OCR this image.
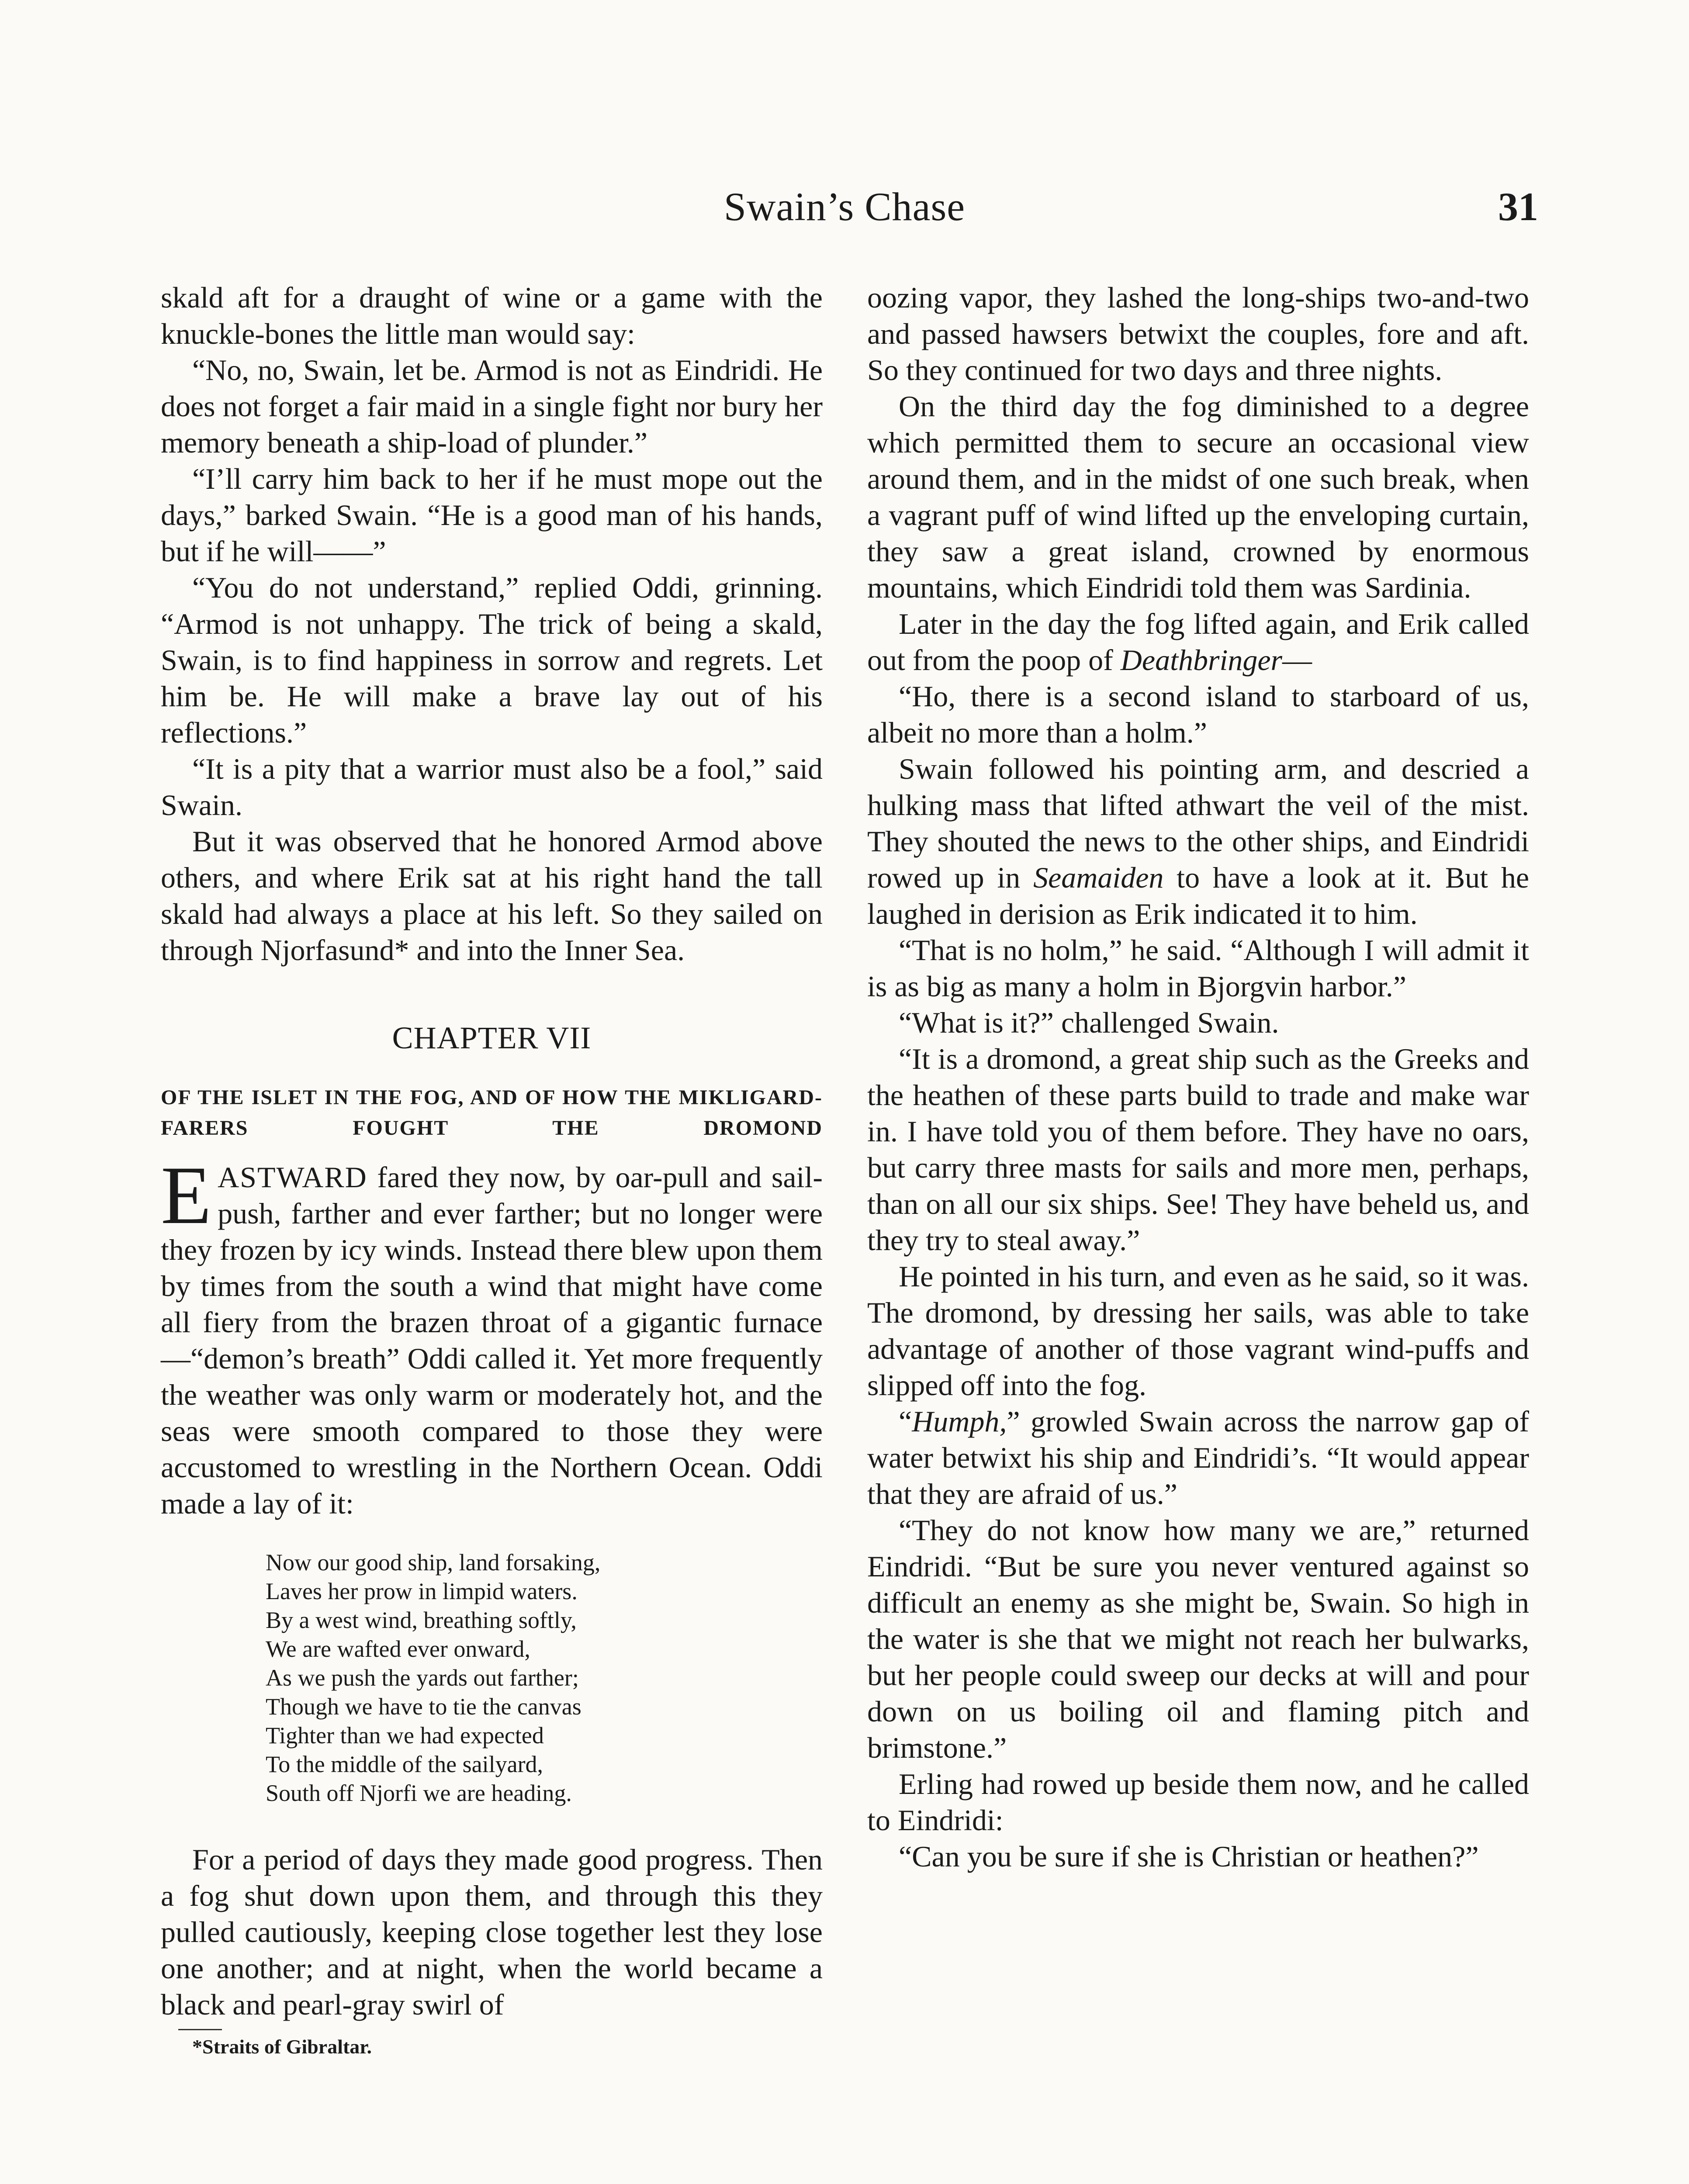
Swain’s Chase	31

skald aft for a draught of wine or a game with the knuckle-bones the little man would say:

“No, no, Swain, let be. Armod is not as Eindridi. He does not forget a fair maid in a single fight nor bury her memory beneath a ship-load of plunder.”

“I’ll carry him back to her if he must mope out the days,” barked Swain. “He is a good man of his hands, but if he will——”

“You do not understand,” replied Oddi, grinning. “Armod is not unhappy. The trick of being a skald, Swain, is to find happiness in sorrow and regrets. Let him be. He will make a brave lay out of his reflections.”

“It is a pity that a warrior must also be a fool,” said Swain.

But it was observed that he honored Armod above others, and where Erik sat at his right hand the tall skald had always a place at his left. So they sailed on through Njorfasund* and into the Inner Sea.

CHAPTER VII
OF THE ISLET IN THE FOG, AND OF HOW THE MIKLIGARD-FARERS FOUGHT THE DROMOND

EASTWARD fared they now, by oar-pull and sail-push, farther and ever farther; but no longer were they frozen by icy winds. Instead there blew upon them by times from the south a wind that might have come all fiery from the brazen throat of a gigantic furnace—“demon’s breath” Oddi called it. Yet more frequently the weather was only warm or moderately hot, and the seas were smooth compared to those they were accustomed to wrestling in the Northern Ocean. Oddi made a lay of it:

Now our good ship, land forsaking,
Laves her prow in limpid waters.
By a west wind, breathing softly,
We are wafted ever onward,
As we push the yards out farther;
Though we have to tie the canvas
Tighter than we had expected
To the middle of the sailyard,
South off Njorfi we are heading.

For a period of days they made good progress. Then a fog shut down upon them, and through this they pulled cautiously, keeping close together lest they lose one another; and at night, when the world became a black and pearl-gray swirl of

*Straits of Gibraltar.

oozing vapor, they lashed the long-ships two-and-two and passed hawsers betwixt the couples, fore and aft. So they continued for two days and three nights.

On the third day the fog diminished to a degree which permitted them to secure an occasional view around them, and in the midst of one such break, when a vagrant puff of wind lifted up the enveloping curtain, they saw a great island, crowned by enormous mountains, which Eindridi told them was Sardinia.

Later in the day the fog lifted again, and Erik called out from the poop of Deathbringer—

“Ho, there is a second island to starboard of us, albeit no more than a holm.”

Swain followed his pointing arm, and descried a hulking mass that lifted athwart the veil of the mist. They shouted the news to the other ships, and Eindridi rowed up in Seamaiden to have a look at it. But he laughed in derision as Erik indicated it to him.

“That is no holm,” he said. “Although I will admit it is as big as many a holm in Bjorgvin harbor.”

“What is it?” challenged Swain.

“It is a dromond, a great ship such as the Greeks and the heathen of these parts build to trade and make war in. I have told you of them before. They have no oars, but carry three masts for sails and more men, perhaps, than on all our six ships. See! They have beheld us, and they try to steal away.”

He pointed in his turn, and even as he said, so it was. The dromond, by dressing her sails, was able to take advantage of another of those vagrant wind-puffs and slipped off into the fog.

“Humph,” growled Swain across the narrow gap of water betwixt his ship and Eindridi’s. “It would appear that they are afraid of us.”

“They do not know how many we are,” returned Eindridi. “But be sure you never ventured against so difficult an enemy as she might be, Swain. So high in the water is she that we might not reach her bulwarks, but her people could sweep our decks at will and pour down on us boiling oil and flaming pitch and brimstone.”

Erling had rowed up beside them now, and he called to Eindridi:

“Can you be sure if she is Christian or heathen?”
